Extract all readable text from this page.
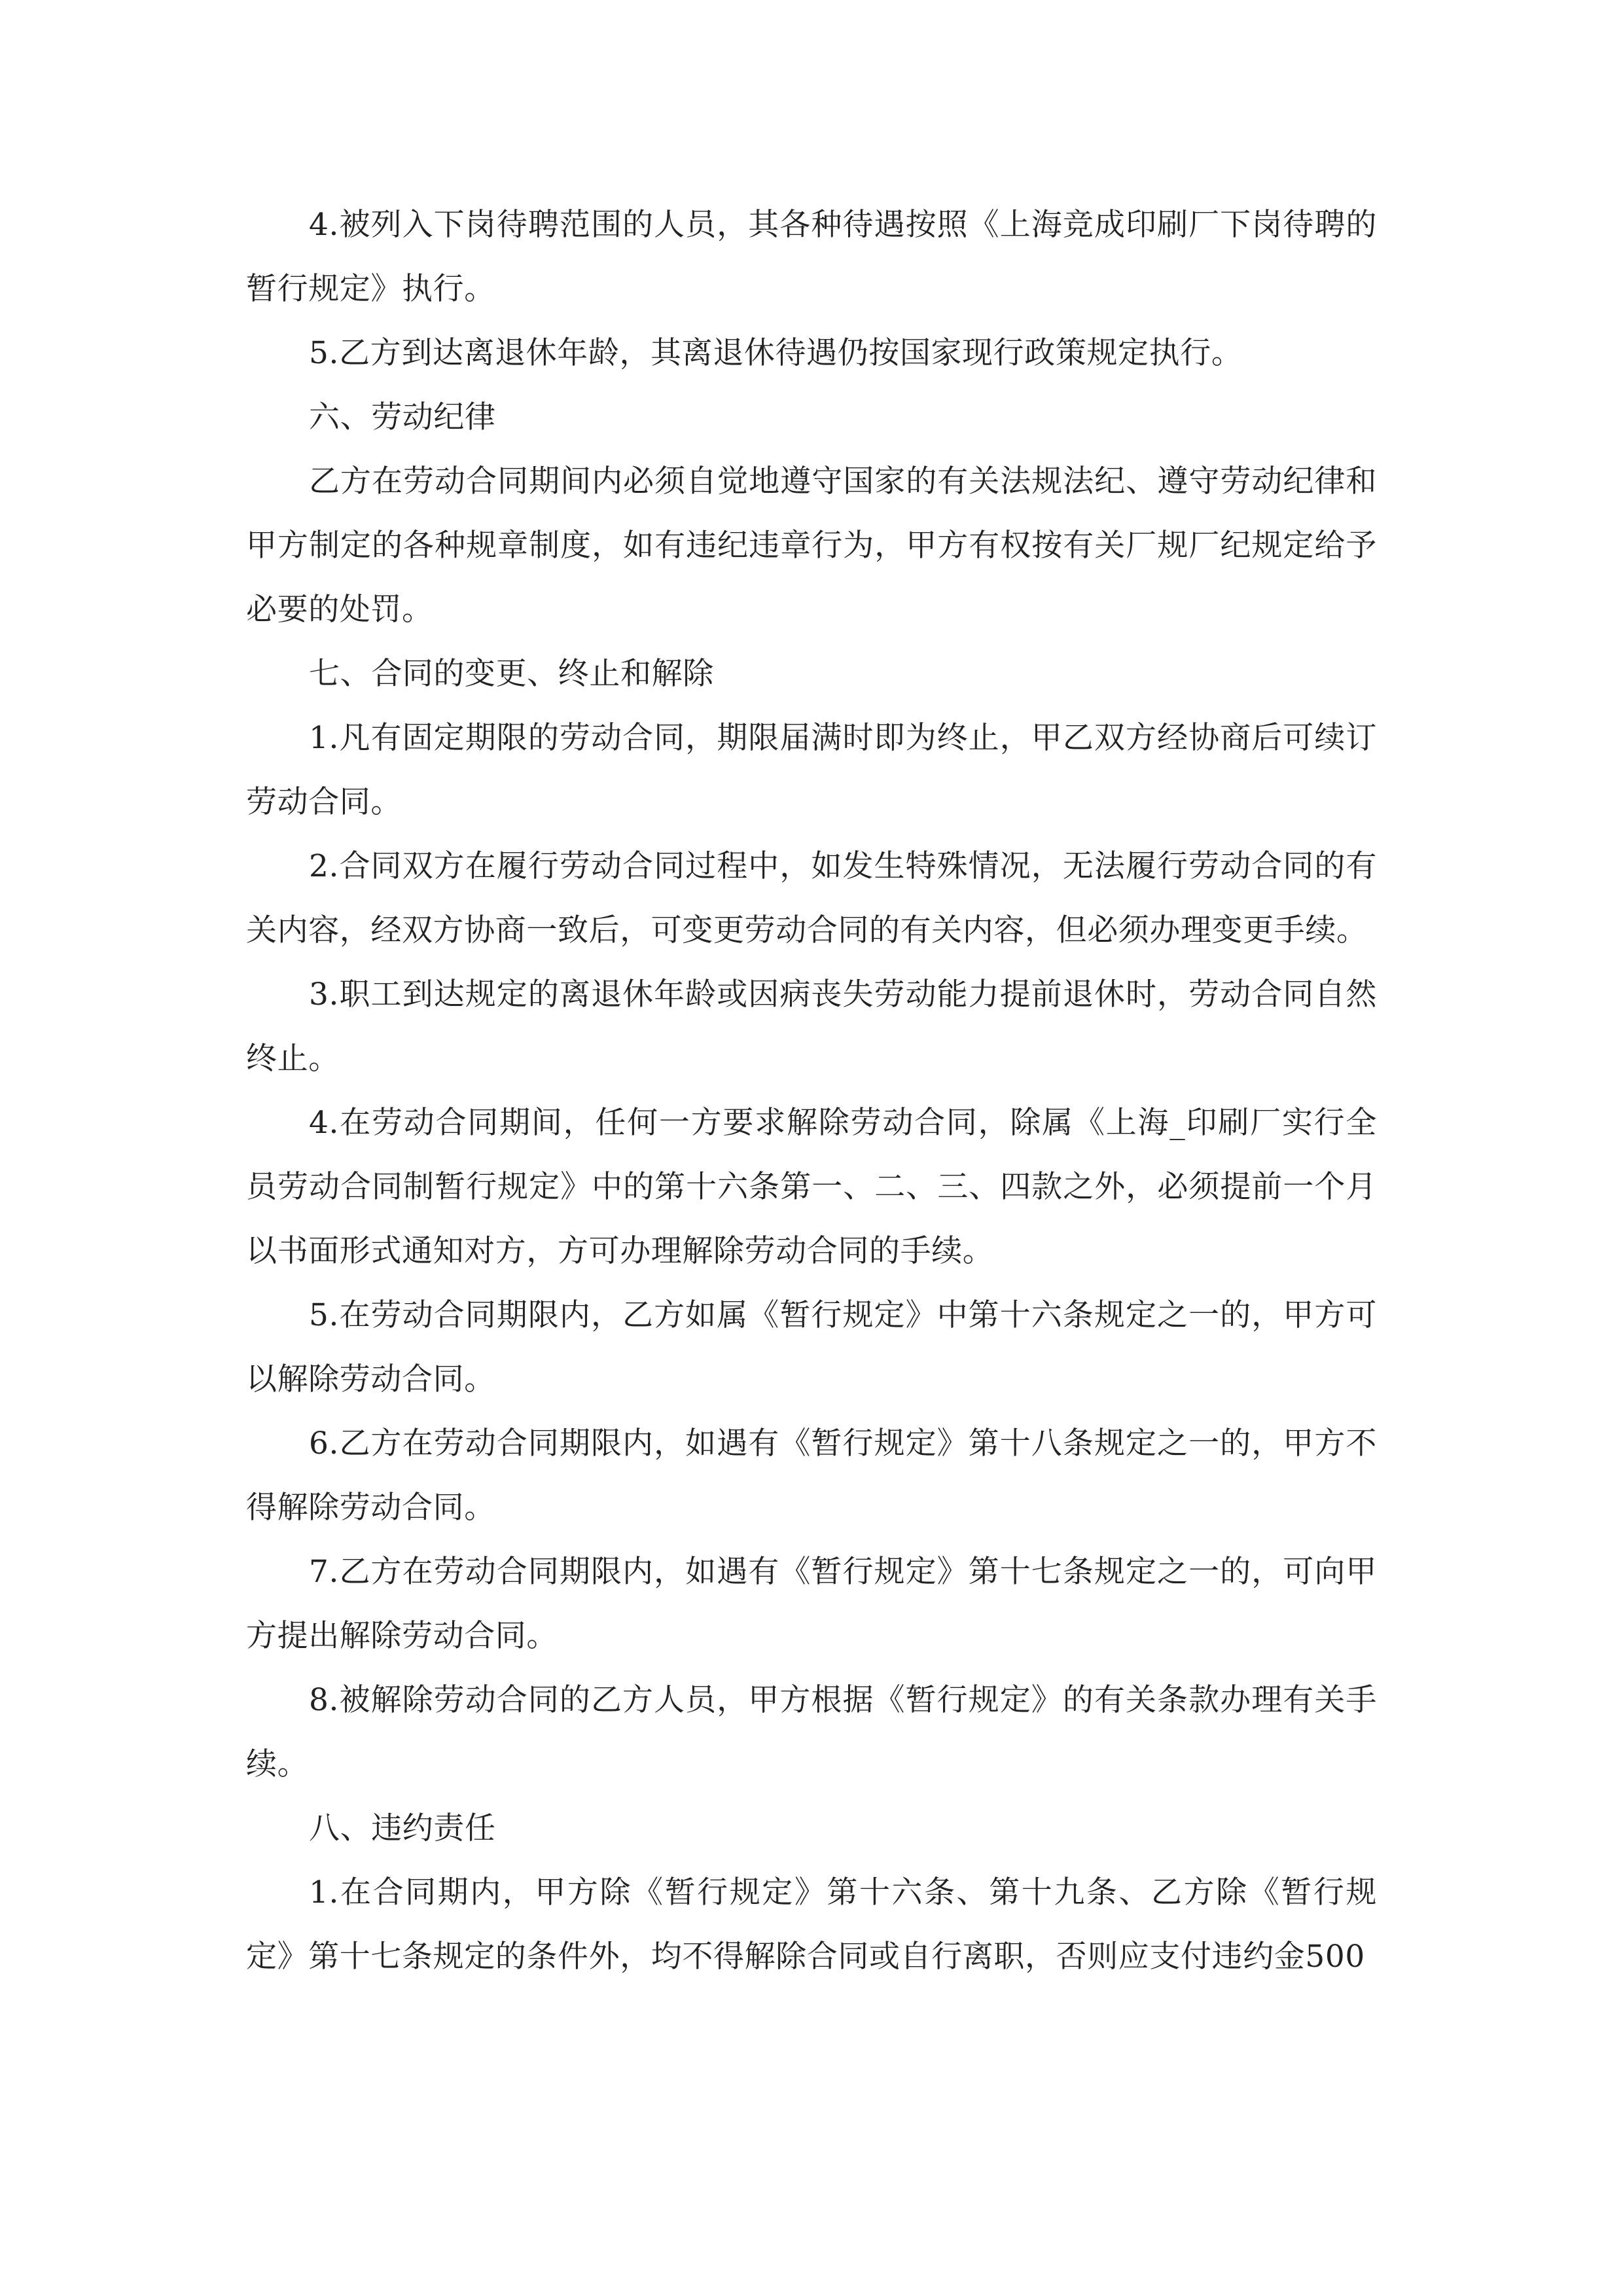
4.被列入下岗待聘范围的人员，其各种待遇按照《上海竞成印刷厂下岗待聘的暂行规定》执行。

5.乙方到达离退休年龄，其离退休待遇仍按国家现行政策规定执行。

六、劳动纪律

乙方在劳动合同期间内必须自觉地遵守国家的有关法规法纪、遵守劳动纪律和甲方制定的各种规章制度，如有违纪违章行为，甲方有权按有关厂规厂纪规定给予必要的处罚。

七、合同的变更、终止和解除

1.凡有固定期限的劳动合同，期限届满时即为终止，甲乙双方经协商后可续订劳动合同。

2.合同双方在履行劳动合同过程中，如发生特殊情况，无法履行劳动合同的有关内容，经双方协商一致后，可变更劳动合同的有关内容，但必须办理变更手续。

3.职工到达规定的离退休年龄或因病丧失劳动能力提前退休时，劳动合同自然终止。

4.在劳动合同期间，任何一方要求解除劳动合同，除属《上海_印刷厂实行全员劳动合同制暂行规定》中的第十六条第一、二、三、四款之外，必须提前一个月以书面形式通知对方，方可办理解除劳动合同的手续。

5.在劳动合同期限内，乙方如属《暂行规定》中第十六条规定之一的，甲方可以解除劳动合同。

6.乙方在劳动合同期限内，如遇有《暂行规定》第十八条规定之一的，甲方不得解除劳动合同。

7.乙方在劳动合同期限内，如遇有《暂行规定》第十七条规定之一的，可向甲方提出解除劳动合同。

8.被解除劳动合同的乙方人员，甲方根据《暂行规定》的有关条款办理有关手续。

八、违约责任

1.在合同期内，甲方除《暂行规定》第十六条、第十九条、乙方除《暂行规定》第十七条规定的条件外，均不得解除合同或自行离职，否则应支付违约金500
